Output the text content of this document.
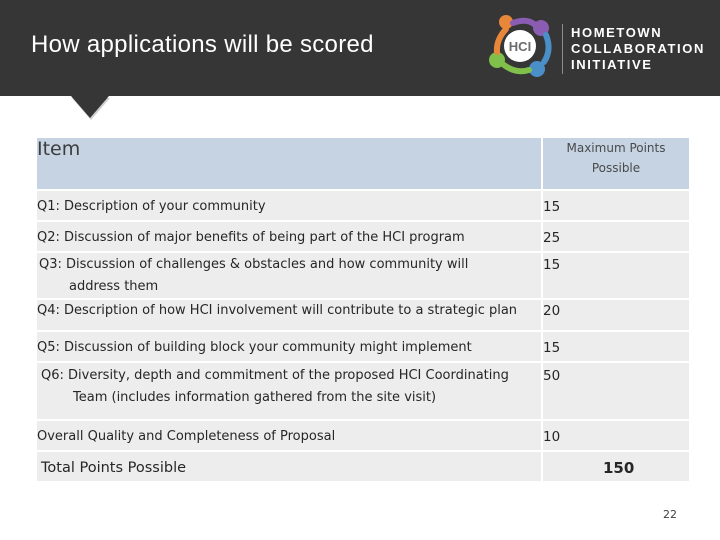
How applications will be scored	HCI
HOMETOWN
COLLABORATION
INITIATIVE
Item	Maximum Points
Possible

Q1: Description of your community	15
Q2: Discussion of major benefits of being part of the HCI program	25

Q3: Discussion of challenges & obstacles and how community will
address them	15
Q4: Description of how HCI involvement will contribute to a strategic plan	20
Q5: Discussion of building block your community might implement	15

Q6: Diversity, depth and commitment of the proposed HCI Coordinating
Team (includes information gathered from the site visit)	50
Overall Quality and Completeness of Proposal	10
Total Points Possible	150
22
